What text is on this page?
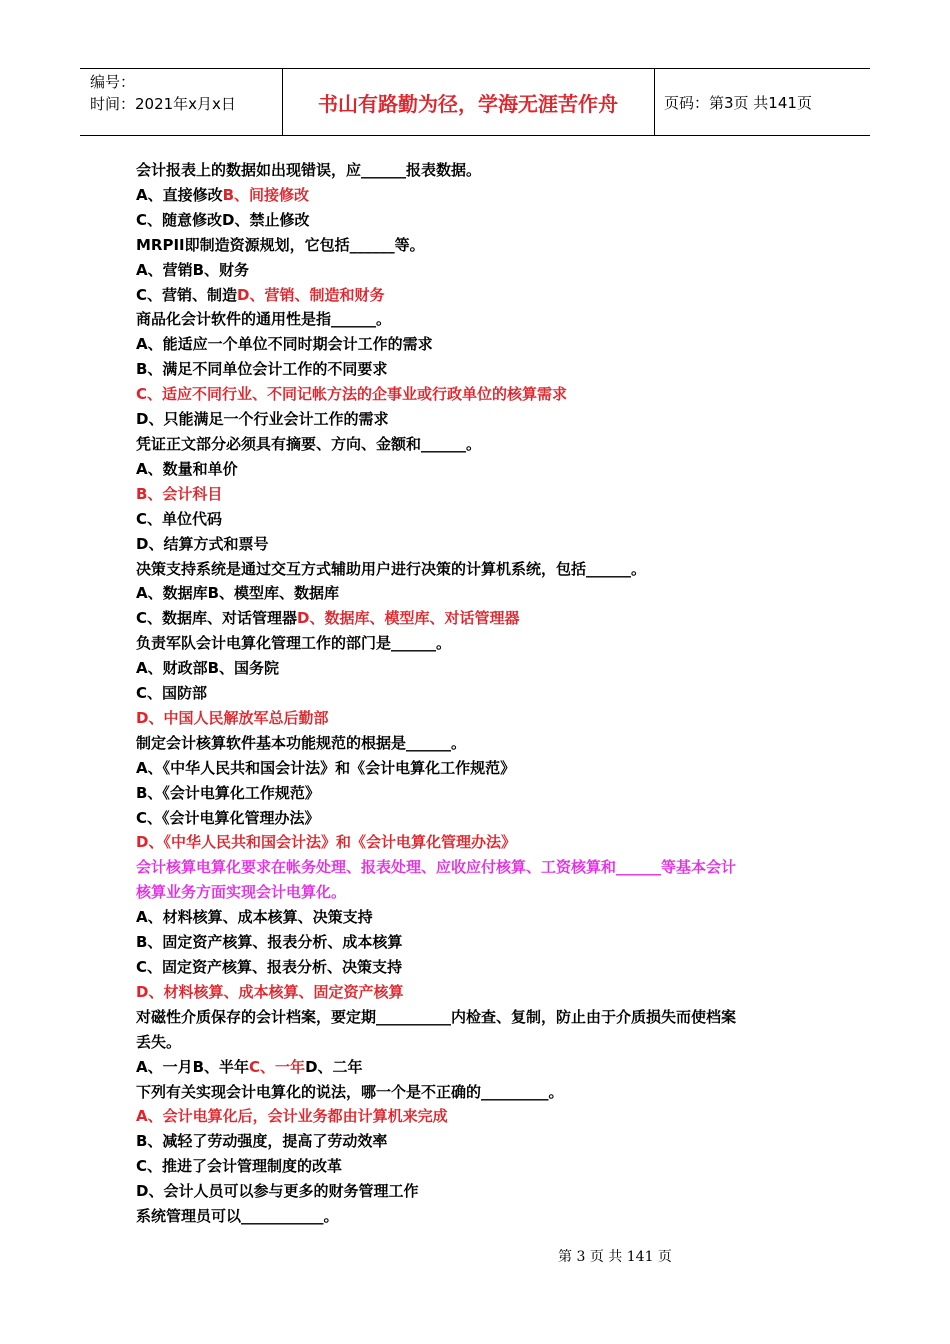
编号：
时间：2021年x月x日	书山有路勤为径，学海无涯苦作舟	页码：第3页 共141页
会计报表上的数据如出现错误，应______报表数据。
A、直接修改B、间接修改
C、随意修改D、禁止修改
MRPII即制造资源规划，它包括______等。
A、营销B、财务
C、营销、制造D、营销、制造和财务
商品化会计软件的通用性是指______。
A、能适应一个单位不同时期会计工作的需求
B、满足不同单位会计工作的不同要求
C、适应不同行业、不同记帐方法的企事业或行政单位的核算需求
D、只能满足一个行业会计工作的需求
凭证正文部分必须具有摘要、方向、金额和______。
A、数量和单价
B、会计科目
C、单位代码
D、结算方式和票号
决策支持系统是通过交互方式辅助用户进行决策的计算机系统，包括______。
A、数据库B、模型库、数据库
C、数据库、对话管理器D、数据库、模型库、对话管理器
负责军队会计电算化管理工作的部门是______。
A、财政部B、国务院
C、国防部
D、中国人民解放军总后勤部
制定会计核算软件基本功能规范的根据是______。
A、《中华人民共和国会计法》和《会计电算化工作规范》
B、《会计电算化工作规范》
C、《会计电算化管理办法》
D、《中华人民共和国会计法》和《会计电算化管理办法》
会计核算电算化要求在帐务处理、报表处理、应收应付核算、工资核算和______等基本会计
核算业务方面实现会计电算化。
A、材料核算、成本核算、决策支持
B、固定资产核算、报表分析、成本核算
C、固定资产核算、报表分析、决策支持
D、材料核算、成本核算、固定资产核算
对磁性介质保存的会计档案，要定期__________内检查、复制，防止由于介质损失而使档案
丢失。
A、一月B、半年C、一年D、二年
下列有关实现会计电算化的说法，哪一个是不正确的_________。
A、会计电算化后，会计业务都由计算机来完成
B、减轻了劳动强度，提高了劳动效率
C、推进了会计管理制度的改革
D、会计人员可以参与更多的财务管理工作
系统管理员可以___________。
第 3 页 共 141 页
